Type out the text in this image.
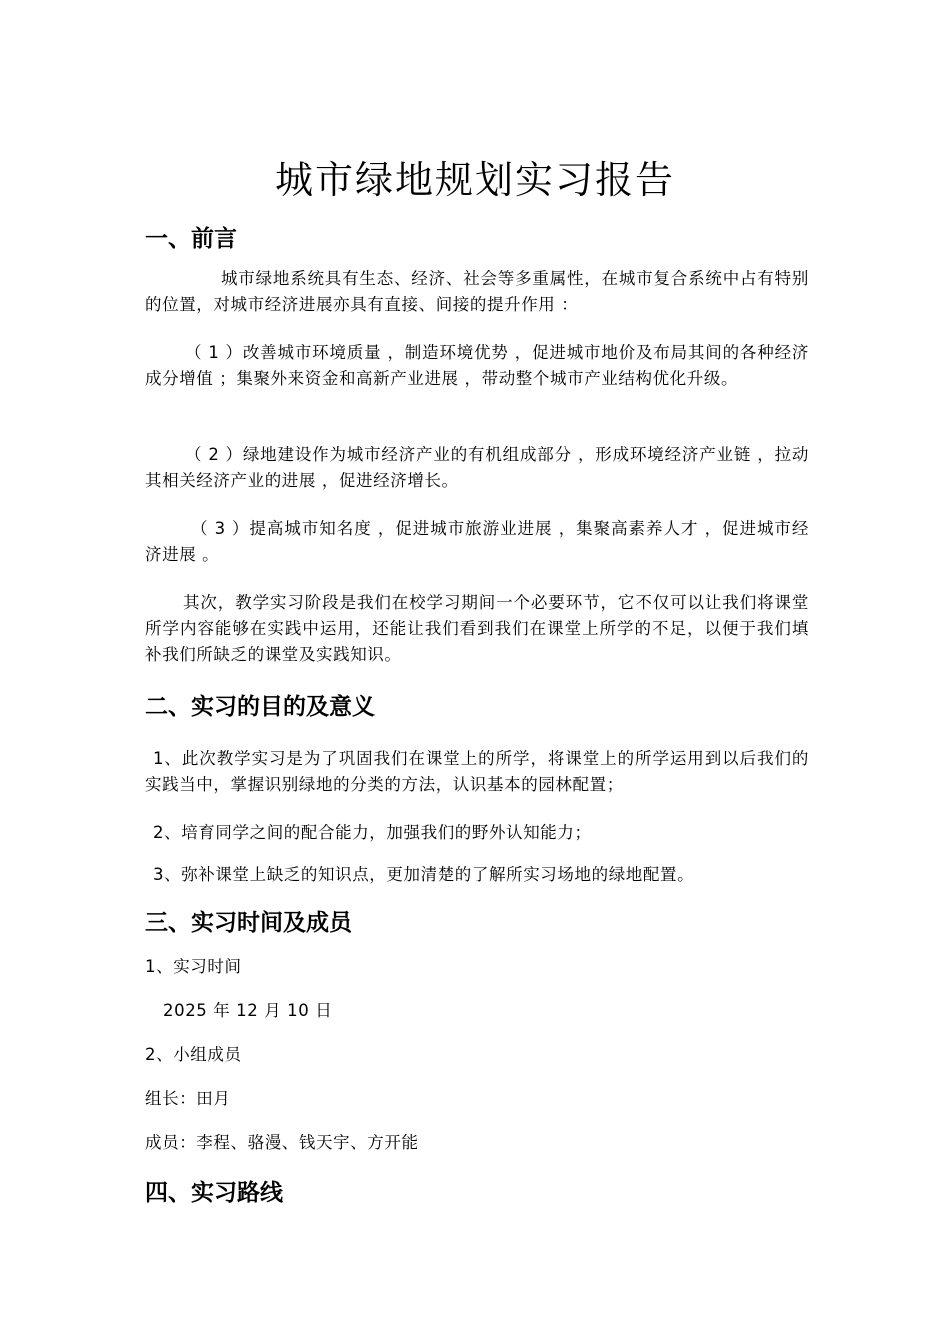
城市绿地规划实习报告
一、前言
城市绿地系统具有生态、经济、社会等多重属性，在城市复合系统中占有特别的位置，对城市经济进展亦具有直接、间接的提升作用 ：
（ 1 ）改善城市环境质量 ，制造环境优势 ，促进城市地价及布局其间的各种经济成分增值 ；集聚外来资金和高新产业进展 ，带动整个城市产业结构优化升级。
（ 2 ）绿地建设作为城市经济产业的有机组成部分 ，形成环境经济产业链 ，拉动其相关经济产业的进展 ，促进经济增长。
（ 3 ）提高城市知名度 ，促进城市旅游业进展 ，集聚高素养人才 ，促进城市经济进展 。
其次，教学实习阶段是我们在校学习期间一个必要环节，它不仅可以让我们将课堂所学内容能够在实践中运用，还能让我们看到我们在课堂上所学的不足，以便于我们填补我们所缺乏的课堂及实践知识。
二、实习的目的及意义
1、此次教学实习是为了巩固我们在课堂上的所学，将课堂上的所学运用到以后我们的实践当中，掌握识别绿地的分类的方法，认识基本的园林配置；
2、培育同学之间的配合能力，加强我们的野外认知能力；
3、弥补课堂上缺乏的知识点，更加清楚的了解所实习场地的绿地配置。
三、实习时间及成员
1、实习时间
2025 年 12 月 10 日
2、小组成员
组长：田月
成员：李程、骆漫、钱天宇、方开能
四、实习路线
